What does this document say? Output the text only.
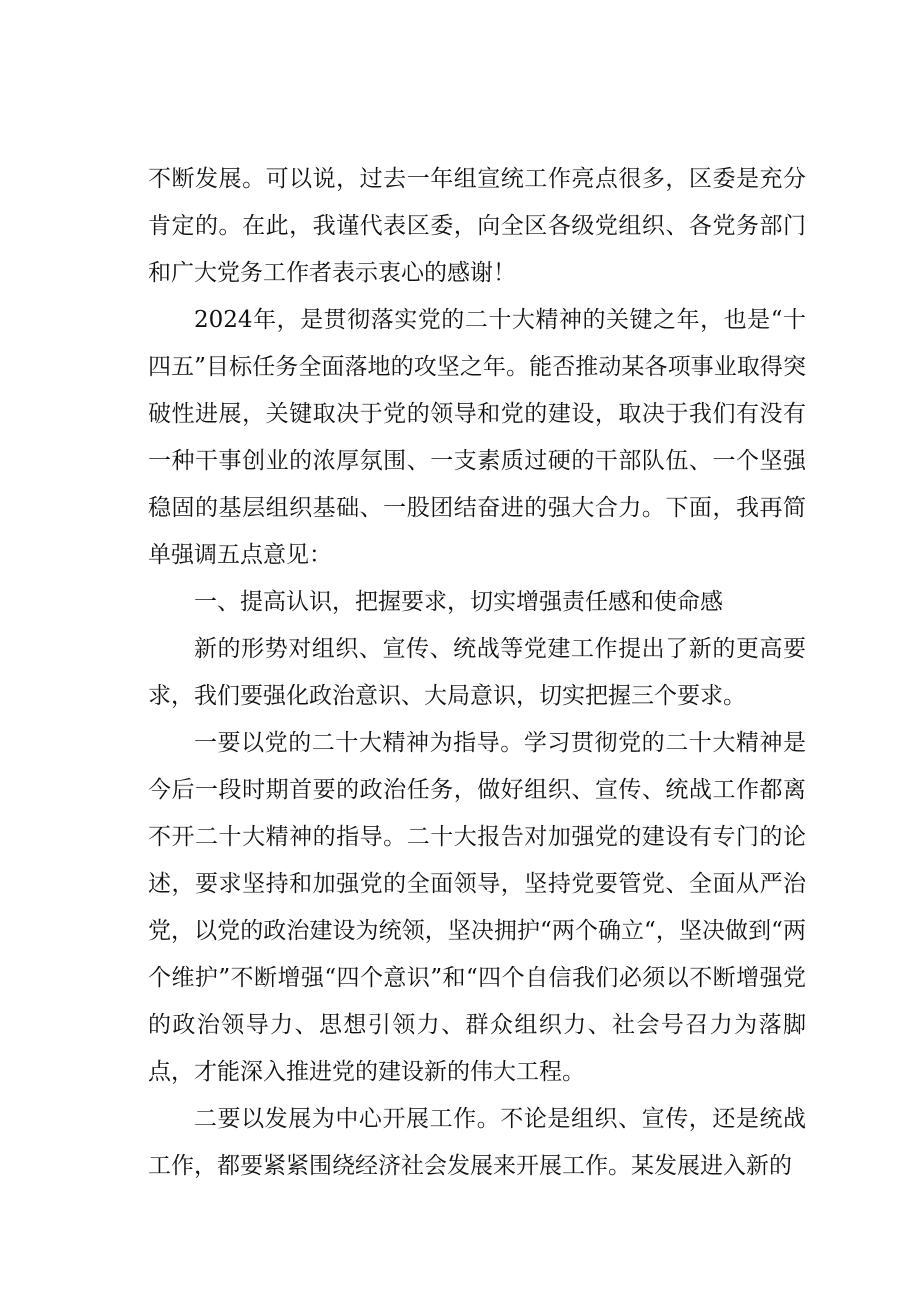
不断发展。可以说，过去一年组宣统工作亮点很多，区委是充分肯定的。在此，我谨代表区委，向全区各级党组织、各党务部门和广大党务工作者表示衷心的感谢！

2024年，是贯彻落实党的二十大精神的关键之年，也是“十四五”目标任务全面落地的攻坚之年。能否推动某各项事业取得突破性进展，关键取决于党的领导和党的建设，取决于我们有没有一种干事创业的浓厚氛围、一支素质过硬的干部队伍、一个坚强稳固的基层组织基础、一股团结奋进的强大合力。下面，我再简单强调五点意见：

一、提高认识，把握要求，切实增强责任感和使命感

新的形势对组织、宣传、统战等党建工作提出了新的更高要求，我们要强化政治意识、大局意识，切实把握三个要求。

一要以党的二十大精神为指导。学习贯彻党的二十大精神是今后一段时期首要的政治任务，做好组织、宣传、统战工作都离不开二十大精神的指导。二十大报告对加强党的建设有专门的论述，要求坚持和加强党的全面领导，坚持党要管党、全面从严治党，以党的政治建设为统领，坚决拥护“两个确立“，坚决做到“两个维护”不断增强“四个意识”和“四个自信我们必须以不断增强党的政治领导力、思想引领力、群众组织力、社会号召力为落脚点，才能深入推进党的建设新的伟大工程。

二要以发展为中心开展工作。不论是组织、宣传，还是统战工作，都要紧紧围绕经济社会发展来开展工作。某发展进入新的
